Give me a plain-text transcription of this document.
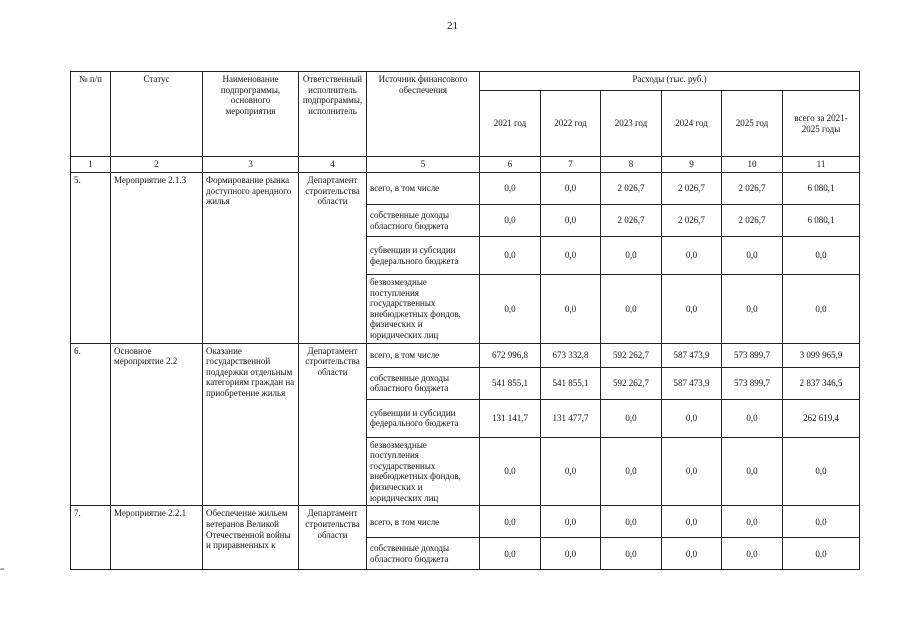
21
№ п/п	Статус	Наименование подпрограммы, основного мероприятия	Ответственный исполнитель подпрограммы, исполнитель	Источник финансового обеспечения	Расходы (тыс. руб.)					
					2021 год	2022 год	2023 год	2024 год	2025 год	всего за 2021-2025 годы
1	2	3	4	5	6	7	8	9	10	11
5.	Мероприятие 2.1.3	Формирование рынка доступного арендного жилья	Департамент строительства области	всего, в том числе	0,0	0,0	2 026,7	2 026,7	2 026,7	6 080,1
				собственные доходы областного бюджета	0,0	0,0	2 026,7	2 026,7	2 026,7	6 080,1
				субвенции и субсидии федерального бюджета	0,0	0,0	0,0	0,0	0,0	0,0
				безвозмездные поступления государственных внебюджетных фондов, физических и юридических лиц	0,0	0,0	0,0	0,0	0,0	0,0
6.	Основное мероприятие 2.2	Оказание государственной поддержки отдельным категориям граждан на приобретение жилья	Департамент строительства области	всего, в том числе	672 996,8	673 332,8	592 262,7	587 473,9	573 899,7	3 099 965,9
				собственные доходы областного бюджета	541 855,1	541 855,1	592 262,7	587 473,9	573 899,7	2 837 346,5
				субвенции и субсидии федерального бюджета	131 141,7	131 477,7	0,0	0,0	0,0	262 619,4
				безвозмездные поступления государственных внебюджетных фондов, физических и юридических лиц	0,0	0,0	0,0	0,0	0,0	0,0
7.	Мероприятие 2.2.1	Обеспечение жильем ветеранов Великой Отечественной войны и приравненных к	Департамент строительства области	всего, в том числе	0,0	0,0	0,0	0,0	0,0	0,0
				собственные доходы областного бюджета	0,0	0,0	0,0	0,0	0,0	0,0
=
